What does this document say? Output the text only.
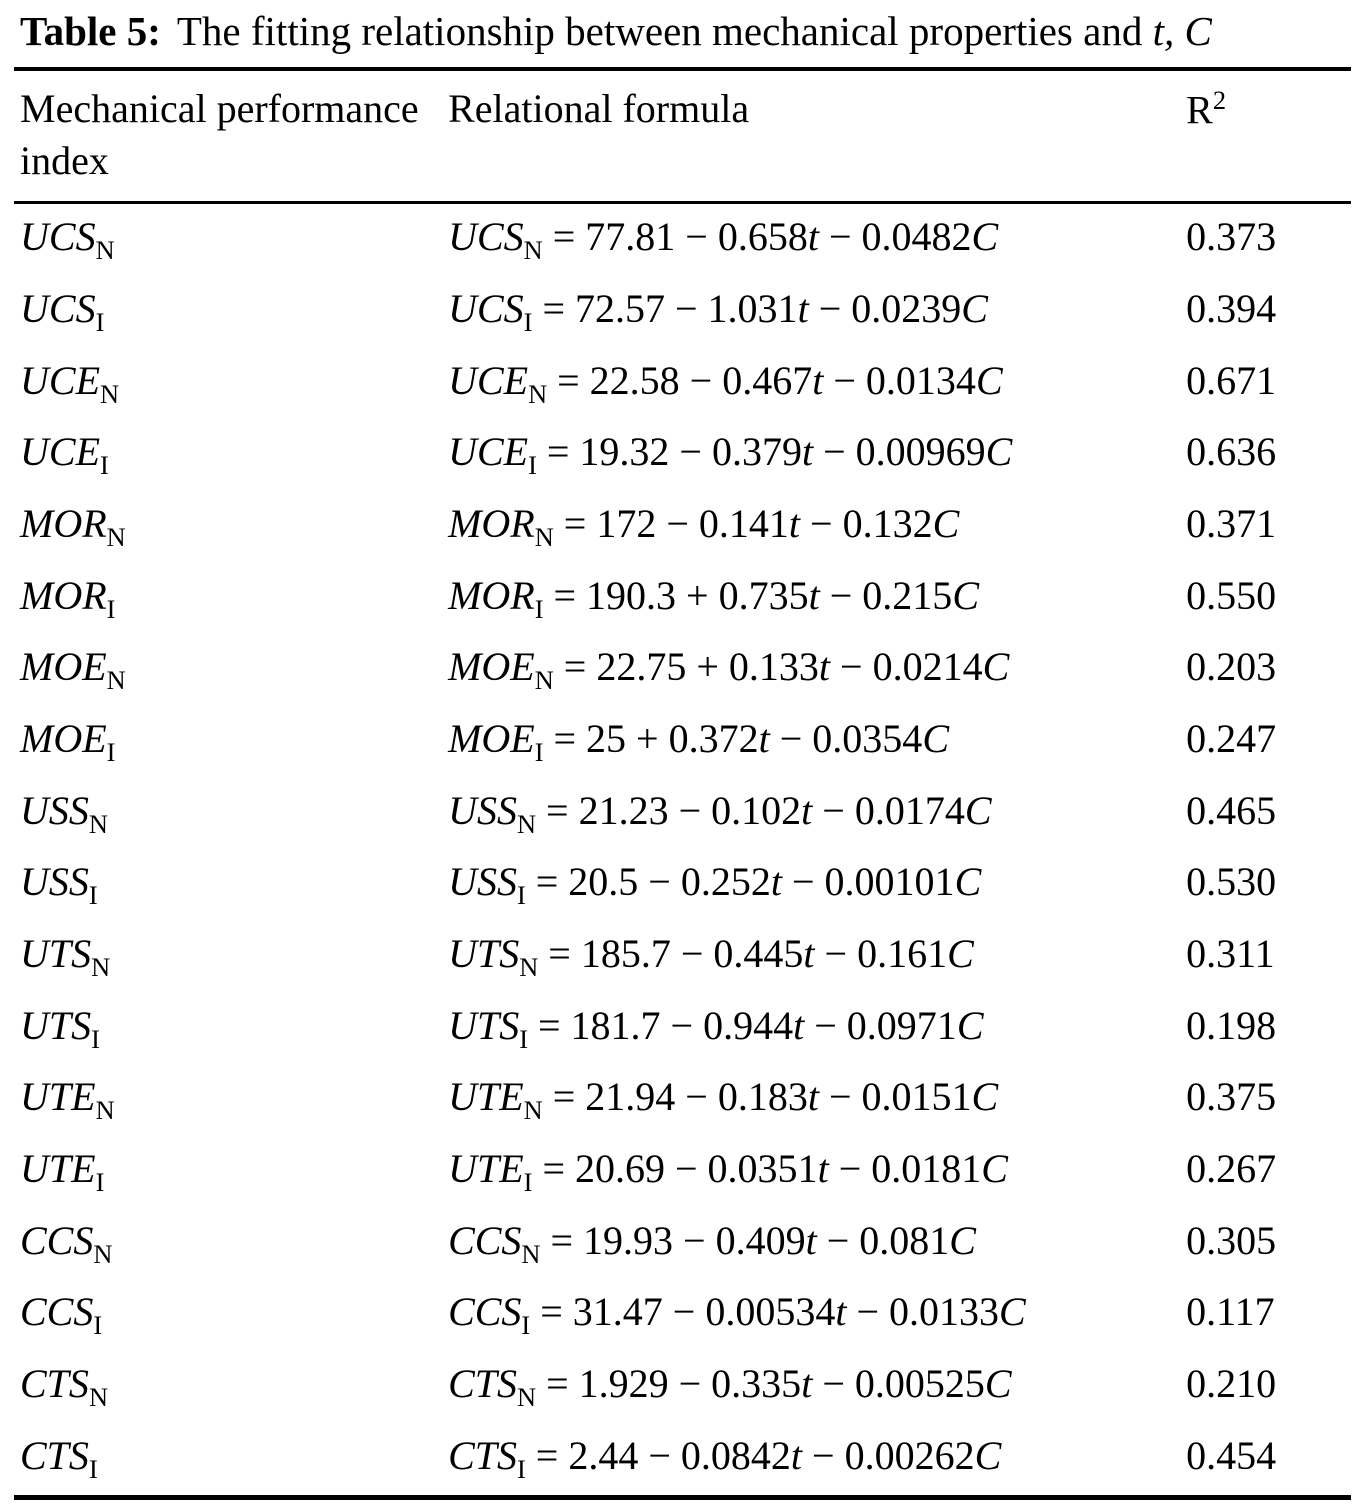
Table 5: The fitting relationship between mechanical properties and t, C
Mechanical performance index	Relational formula	$R^2$
$UCS_N$	$UCS_N = 77.81 - 0.658t - 0.0482C$	0.373
$UCS_I$	$UCS_I = 72.57 - 1.031t - 0.0239C$	0.394
$UCE_N$	$UCE_N = 22.58 - 0.467t - 0.0134C$	0.671
$UCE_I$	$UCE_I = 19.32 - 0.379t - 0.00969C$	0.636
$MOR_N$	$MOR_N = 172 - 0.141t - 0.132C$	0.371
$MOR_I$	$MOR_I = 190.3 + 0.735t - 0.215C$	0.550
$MOE_N$	$MOE_N = 22.75 + 0.133t - 0.0214C$	0.203
$MOE_I$	$MOE_I = 25 + 0.372t - 0.0354C$	0.247
$USS_N$	$USS_N = 21.23 - 0.102t - 0.0174C$	0.465
$USS_I$	$USS_I = 20.5 - 0.252t - 0.00101C$	0.530
$UTS_N$	$UTS_N = 185.7 - 0.445t - 0.161C$	0.311
$UTS_I$	$UTS_I = 181.7 - 0.944t - 0.0971C$	0.198
$UTE_N$	$UTE_N = 21.94 - 0.183t - 0.0151C$	0.375
$UTE_I$	$UTE_I = 20.69 - 0.0351t - 0.0181C$	0.267
$CCS_N$	$CCS_N = 19.93 - 0.409t - 0.081C$	0.305
$CCS_I$	$CCS_I = 31.47 - 0.00534t - 0.0133C$	0.117
$CTS_N$	$CTS_N = 1.929 - 0.335t - 0.00525C$	0.210
$CTS_I$	$CTS_I = 2.44 - 0.0842t - 0.00262C$	0.454
